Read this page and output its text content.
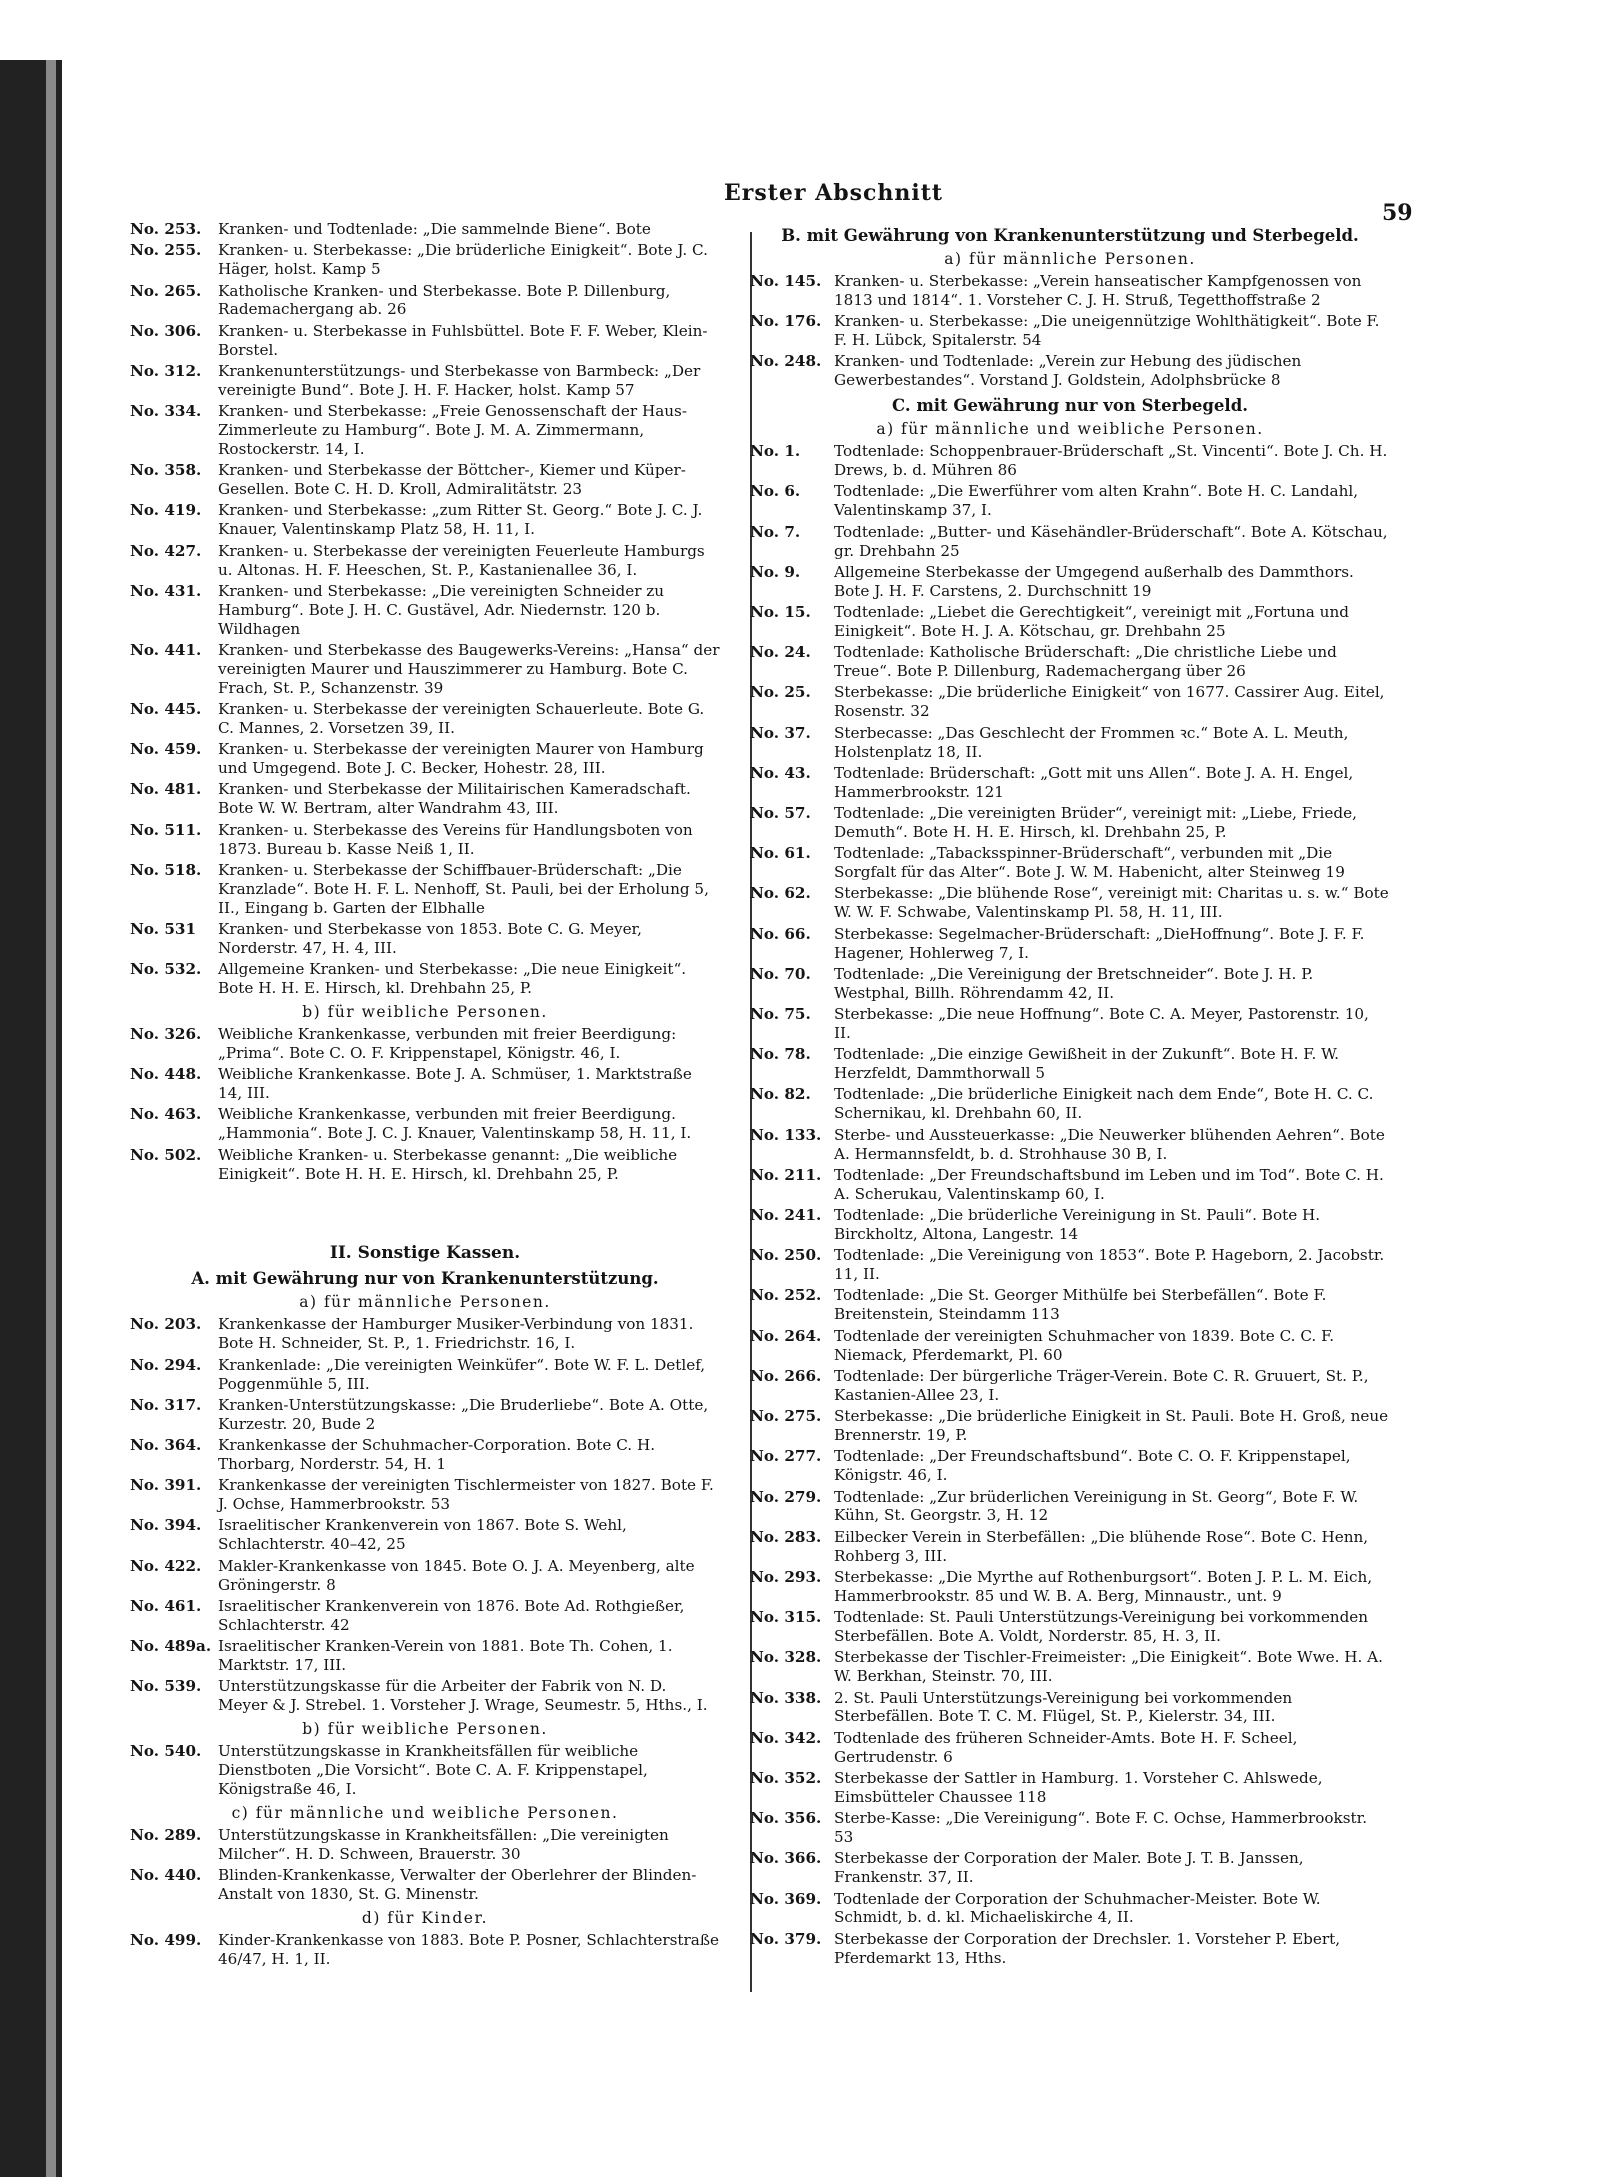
Erster Abschnitt
59
No. 253.	Kranken- und Todtenlade: „Die sammelnde Biene“. Bote
No. 255.	Kranken- u. Sterbekasse: „Die brüderliche Einigkeit“. Bote J. C. Häger, holst. Kamp 5
No. 265.	Katholische Kranken- und Sterbekasse. Bote P. Dillenburg, Rademachergang ab. 26
No. 306.	Kranken- u. Sterbekasse in Fuhlsbüttel. Bote F. F. Weber, Klein-Borstel.
No. 312.	Krankenunterstützungs- und Sterbekasse von Barmbeck: „Der vereinigte Bund“. Bote J. H. F. Hacker, holst. Kamp 57
No. 334.	Kranken- und Sterbekasse: „Freie Genossenschaft der Haus-Zimmerleute zu Hamburg“. Bote J. M. A. Zimmermann, Rostockerstr. 14, I.
No. 358.	Kranken- und Sterbekasse der Böttcher-, Kiemer und Küper-Gesellen. Bote C. H. D. Kroll, Admiralitätstr. 23
No. 419.	Kranken- und Sterbekasse: „zum Ritter St. Georg.“ Bote J. C. J. Knauer, Valentinskamp Platz 58, H. 11, I.
No. 427.	Kranken- u. Sterbekasse der vereinigten Feuerleute Hamburgs u. Altonas. H. F. Heeschen, St. P., Kastanienallee 36, I.
No. 431.	Kranken- und Sterbekasse: „Die vereinigten Schneider zu Hamburg“. Bote J. H. C. Gustävel, Adr. Niedernstr. 120 b. Wildhagen
No. 441.	Kranken- und Sterbekasse des Baugewerks-Vereins: „Hansa“ der vereinigten Maurer und Hauszimmerer zu Hamburg. Bote C. Frach, St. P., Schanzenstr. 39
No. 445.	Kranken- u. Sterbekasse der vereinigten Schauerleute. Bote G. C. Mannes, 2. Vorsetzen 39, II.
No. 459.	Kranken- u. Sterbekasse der vereinigten Maurer von Hamburg und Umgegend. Bote J. C. Becker, Hohestr. 28, III.
No. 481.	Kranken- und Sterbekasse der Militairischen Kameradschaft. Bote W. W. Bertram, alter Wandrahm 43, III.
No. 511.	Kranken- u. Sterbekasse des Vereins für Handlungsboten von 1873. Bureau b. Kasse Neiß 1, II.
No. 518.	Kranken- u. Sterbekasse der Schiffbauer-Brüderschaft: „Die Kranzlade“. Bote H. F. L. Nenhoff, St. Pauli, bei der Erholung 5, II., Eingang b. Garten der Elbhalle
No. 531	Kranken- und Sterbekasse von 1853. Bote C. G. Meyer, Norderstr. 47, H. 4, III.
No. 532.	Allgemeine Kranken- und Sterbekasse: „Die neue Einigkeit“. Bote H. H. E. Hirsch, kl. Drehbahn 25, P.
b) für weibliche Personen.
No. 326.	Weibliche Krankenkasse, verbunden mit freier Beerdigung: „Prima“. Bote C. O. F. Krippenstapel, Königstr. 46, I.
No. 448.	Weibliche Krankenkasse. Bote J. A. Schmüser, 1. Marktstraße 14, III.
No. 463.	Weibliche Krankenkasse, verbunden mit freier Beerdigung. „Hammonia“. Bote J. C. J. Knauer, Valentinskamp 58, H. 11, I.
No. 502.	Weibliche Kranken- u. Sterbekasse genannt: „Die weibliche Einigkeit“. Bote H. H. E. Hirsch, kl. Drehbahn 25, P.
II. Sonstige Kassen.
A. mit Gewährung nur von Krankenunterstützung.
a) für männliche Personen.
No. 203.	Krankenkasse der Hamburger Musiker-Verbindung von 1831. Bote H. Schneider, St. P., 1. Friedrichstr. 16, I.
No. 294.	Krankenlade: „Die vereinigten Weinküfer“. Bote W. F. L. Detlef, Poggenmühle 5, III.
No. 317.	Kranken-Unterstützungskasse: „Die Bruderliebe“. Bote A. Otte, Kurzestr. 20, Bude 2
No. 364.	Krankenkasse der Schuhmacher-Corporation. Bote C. H. Thorbarg, Norderstr. 54, H. 1
No. 391.	Krankenkasse der vereinigten Tischlermeister von 1827. Bote F. J. Ochse, Hammerbrookstr. 53
No. 394.	Israelitischer Krankenverein von 1867. Bote S. Wehl, Schlachterstr. 40–42, 25
No. 422.	Makler-Krankenkasse von 1845. Bote O. J. A. Meyenberg, alte Gröningerstr. 8
No. 461.	Israelitischer Krankenverein von 1876. Bote Ad. Rothgießer, Schlachterstr. 42
No. 489a. Israelitischer Kranken-Verein von 1881. Bote Th. Cohen, 1. Marktstr. 17, III.
No. 539.	Unterstützungskasse für die Arbeiter der Fabrik von N. D. Meyer & J. Strebel. 1. Vorsteher J. Wrage, Seumestr. 5, Hths., I.
b) für weibliche Personen.
No. 540.	Unterstützungskasse in Krankheitsfällen für weibliche Dienstboten „Die Vorsicht“. Bote C. A. F. Krippenstapel, Königstraße 46, I.
c) für männliche und weibliche Personen.
No. 289.	Unterstützungskasse in Krankheitsfällen: „Die vereinigten Milcher“. H. D. Schween, Brauerstr. 30
No. 440.	Blinden-Krankenkasse, Verwalter der Oberlehrer der Blinden-Anstalt von 1830, St. G. Minenstr.
d) für Kinder.
No. 499.	Kinder-Krankenkasse von 1883. Bote P. Posner, Schlachterstraße 46/47, H. 1, II.
B. mit Gewährung von Krankenunterstützung und Sterbegeld.
a) für männliche Personen.
No. 145. Kranken- u. Sterbekasse: „Verein hanseatischer Kampfgenossen von 1813 und 1814“. 1. Vorsteher C. J. H. Struß, Tegetthoffstraße 2
No. 176. Kranken- u. Sterbekasse: „Die uneigennützige Wohlthätigkeit“. Bote F. F. H. Lübck, Spitalerstr. 54
No. 248. Kranken- und Todtenlade: „Verein zur Hebung des jüdischen Gewerbestandes“. Vorstand J. Goldstein, Adolphsbrücke 8
C. mit Gewährung nur von Sterbegeld.
a) für männliche und weibliche Personen.
No. 1.	Todtenlade: Schoppenbrauer-Brüderschaft „St. Vincenti“. Bote J. Ch. H. Drews, b. d. Mühren 86
No. 6.	Todtenlade: „Die Ewerführer vom alten Krahn“. Bote H. C. Landahl, Valentinskamp 37, I.
No. 7.	Todtenlade: „Butter- und Käsehändler-Brüderschaft“. Bote A. Kötschau, gr. Drehbahn 25
No. 9.	Allgemeine Sterbekasse der Umgegend außerhalb des Dammthors. Bote J. H. F. Carstens, 2. Durchschnitt 19
No. 15.	Todtenlade: „Liebet die Gerechtigkeit“, vereinigt mit „Fortuna und Einigkeit“. Bote H. J. A. Kötschau, gr. Drehbahn 25
No. 24.	Todtenlade: Katholische Brüderschaft: „Die christliche Liebe und Treue“. Bote P. Dillenburg, Rademachergang über 26
No. 25.	Sterbekasse: „Die brüderliche Einigkeit“ von 1677. Cassirer Aug. Eitel, Rosenstr. 32
No. 37.	Sterbecasse: „Das Geschlecht der Frommen ꝛc.“ Bote A. L. Meuth, Holstenplatz 18, II.
No. 43.	Todtenlade: Brüderschaft: „Gott mit uns Allen“. Bote J. A. H. Engel, Hammerbrookstr. 121
No. 57.	Todtenlade: „Die vereinigten Brüder“, vereinigt mit: „Liebe, Friede, Demuth“. Bote H. H. E. Hirsch, kl. Drehbahn 25, P.
No. 61.	Todtenlade: „Tabacksspinner-Brüderschaft“, verbunden mit „Die Sorgfalt für das Alter“. Bote J. W. M. Habenicht, alter Steinweg 19
No. 62.	Sterbekasse: „Die blühende Rose“, vereinigt mit: Charitas u. s. w.“ Bote W. W. F. Schwabe, Valentinskamp Pl. 58, H. 11, III.
No. 66.	Sterbekasse: Segelmacher-Brüderschaft: „DieHoffnung“. Bote J. F. F. Hagener, Hohlerweg 7, I.
No. 70.	Todtenlade: „Die Vereinigung der Bretschneider“. Bote J. H. P. Westphal, Billh. Röhrendamm 42, II.
No. 75.	Sterbekasse: „Die neue Hoffnung“. Bote C. A. Meyer, Pastorenstr. 10, II.
No. 78.	Todtenlade: „Die einzige Gewißheit in der Zukunft“. Bote H. F. W. Herzfeldt, Dammthorwall 5
No. 82.	Todtenlade: „Die brüderliche Einigkeit nach dem Ende“, Bote H. C. C. Schernikau, kl. Drehbahn 60, II.
No. 133. Sterbe- und Aussteuerkasse: „Die Neuwerker blühenden Aehren“. Bote A. Hermannsfeldt, b. d. Strohhause 30 B, I.
No. 211. Todtenlade: „Der Freundschaftsbund im Leben und im Tod“. Bote C. H. A. Scherukau, Valentinskamp 60, I.
No. 241. Todtenlade: „Die brüderliche Vereinigung in St. Pauli“. Bote H. Birckholtz, Altona, Langestr. 14
No. 250. Todtenlade: „Die Vereinigung von 1853“. Bote P. Hageborn, 2. Jacobstr. 11, II.
No. 252. Todtenlade: „Die St. Georger Mithülfe bei Sterbefällen“. Bote F. Breitenstein, Steindamm 113
No. 264. Todtenlade der vereinigten Schuhmacher von 1839. Bote C. C. F. Niemack, Pferdemarkt, Pl. 60
No. 266. Todtenlade: Der bürgerliche Träger-Verein. Bote C. R. Gruuert, St. P., Kastanien-Allee 23, I.
No. 275. Sterbekasse: „Die brüderliche Einigkeit in St. Pauli. Bote H. Groß, neue Brennerstr. 19, P.
No. 277. Todtenlade: „Der Freundschaftsbund“. Bote C. O. F. Krippenstapel, Königstr. 46, I.
No. 279. Todtenlade: „Zur brüderlichen Vereinigung in St. Georg“, Bote F. W. Kühn, St. Georgstr. 3, H. 12
No. 283. Eilbecker Verein in Sterbefällen: „Die blühende Rose“. Bote C. Henn, Rohberg 3, III.
No. 293. Sterbekasse: „Die Myrthe auf Rothenburgsort“. Boten J. P. L. M. Eich, Hammerbrookstr. 85 und W. B. A. Berg, Minnaustr., unt. 9
No. 315. Todtenlade: St. Pauli Unterstützungs-Vereinigung bei vorkommenden Sterbefällen. Bote A. Voldt, Norderstr. 85, H. 3, II.
No. 328. Sterbekasse der Tischler-Freimeister: „Die Einigkeit“. Bote Wwe. H. A. W. Berkhan, Steinstr. 70, III.
No. 338. 2. St. Pauli Unterstützungs-Vereinigung bei vorkommenden Sterbefällen. Bote T. C. M. Flügel, St. P., Kielerstr. 34, III.
No. 342. Todtenlade des früheren Schneider-Amts. Bote H. F. Scheel, Gertrudenstr. 6
No. 352. Sterbekasse der Sattler in Hamburg. 1. Vorsteher C. Ahlswede, Eimsbütteler Chaussee 118
No. 356. Sterbe-Kasse: „Die Vereinigung“. Bote F. C. Ochse, Hammerbrookstr. 53
No. 366. Sterbekasse der Corporation der Maler. Bote J. T. B. Janssen, Frankenstr. 37, II.
No. 369. Todtenlade der Corporation der Schuhmacher-Meister. Bote W. Schmidt, b. d. kl. Michaeliskirche 4, II.
No. 379. Sterbekasse der Corporation der Drechsler. 1. Vorsteher P. Ebert, Pferdemarkt 13, Hths.
